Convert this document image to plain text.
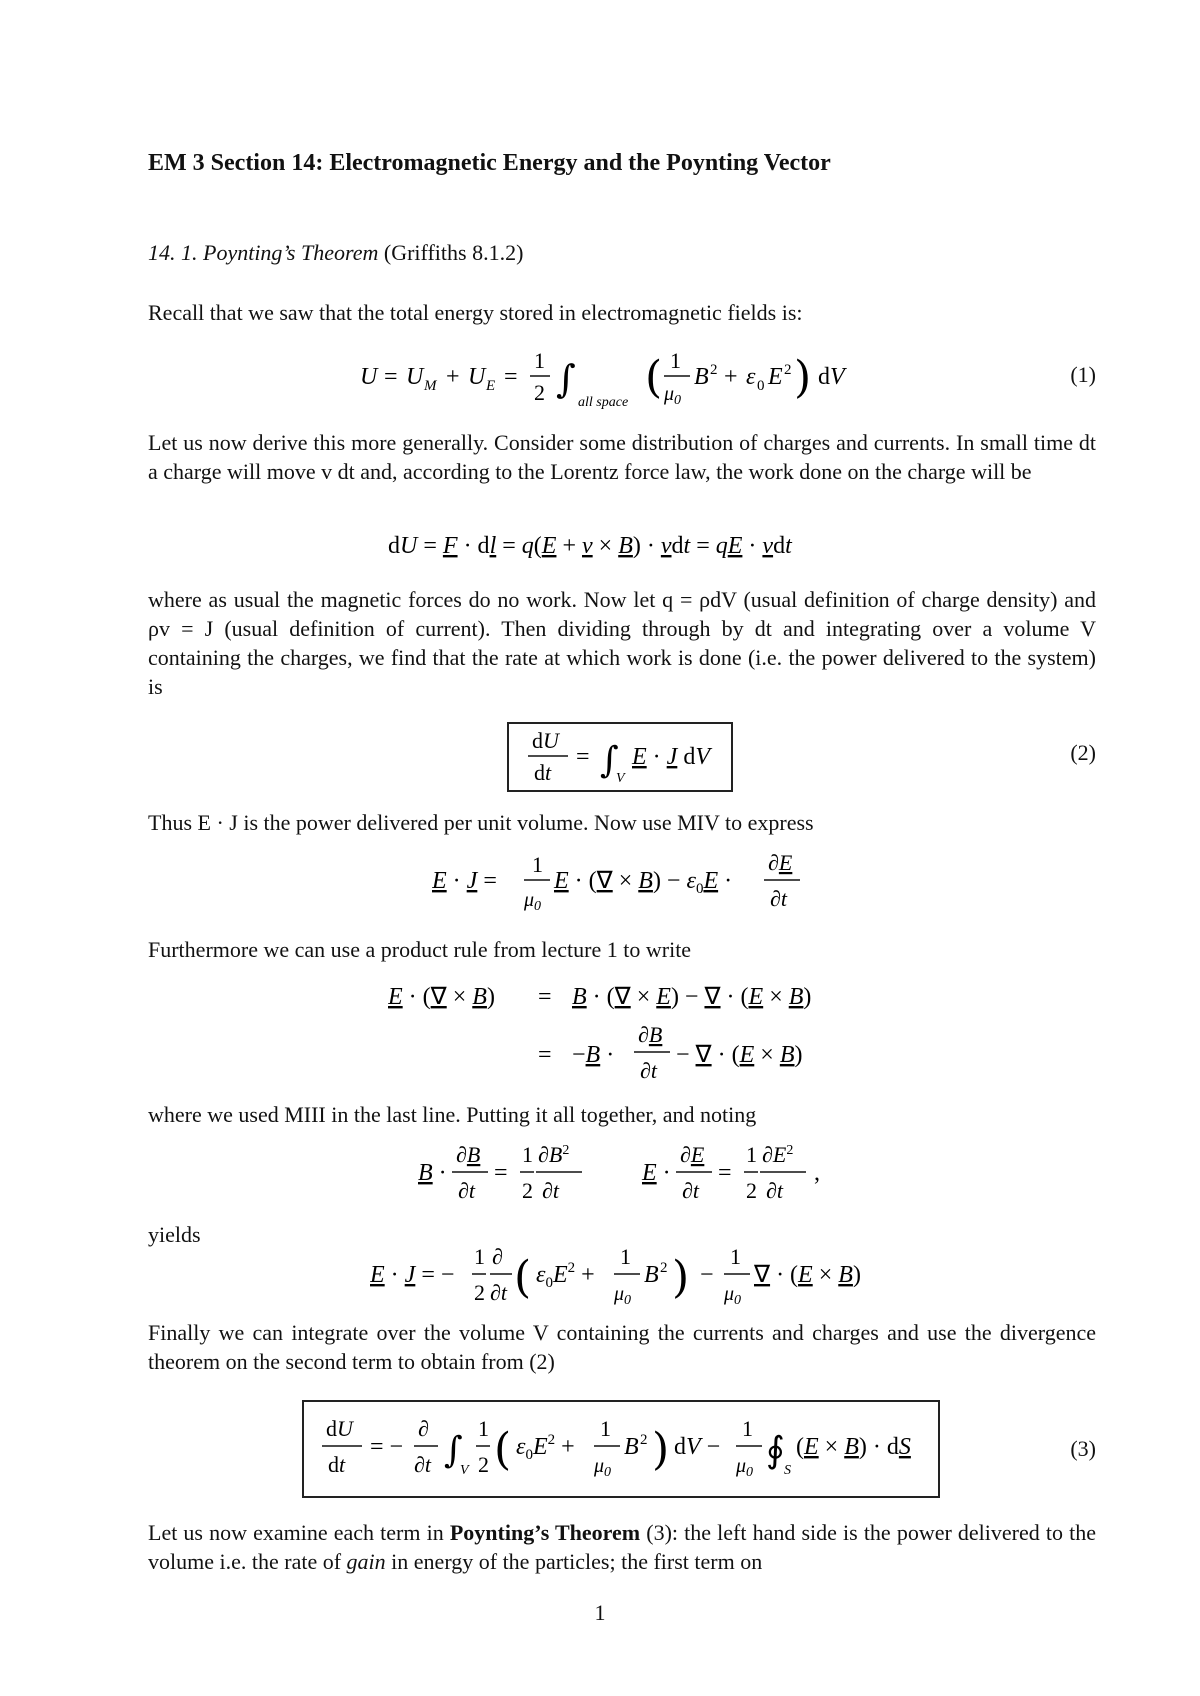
EM 3 Section 14: Electromagnetic Energy and the Poynting Vector
14. 1. Poynting’s Theorem (Griffiths 8.1.2)
Recall that we saw that the total energy stored in electromagnetic fields is:
U = U M + U E =
1
2 ∫
all space ( 1
$\mu_0$
B 2 + ε 0 E 2 ) dV	(1)
Let us now derive this more generally. Consider some distribution of charges and currents. In small time dt a charge will move v dt and, according to the Lorentz force law, the work done on the charge will be
dU = F · dl = q(E + v × B) · vdt = qE · vdt
where as usual the magnetic forces do no work. Now let q = ρdV (usual definition of charge density) and ρv = J (usual definition of current). Then dividing through by dt and integrating over a volume V containing the charges, we find that the rate at which work is done (i.e. the power delivered to the system) is
dU
dt
= ∫
V
E · J dV	(2)
Thus E · J is the power delivered per unit volume. Now use MIV to express
E · J =
1
$\mu_0$
E · (∇ × $B) - \varepsilon_0E$ ·
∂E
∂t
Furthermore we can use a product rule from lecture 1 to write
E · (∇ × B) = B · (∇ × E) − ∇ · (E × B)
= −B ·
∂B
∂t
− ∇ · (E × B)
where we used MIII in the last line. Putting it all together, and noting
B ·
∂B
∂t
=
1
2
$\partial B^2$
∂t
E ·
∂E
∂t
=
1
2
$\partial E^2$
∂t
,
yields
E · J = −
1
2
∂
∂t ( $\varepsilon_0E^2$ +
1
$\mu_0$
B 2 ) −
1
$\mu_0$
∇ · (E × B)
Finally we can integrate over the volume V containing the currents and charges and use the divergence theorem on the second term to obtain from (2)
dU
dt
= −
∂
∂t ∫
V
1
2 ( $\varepsilon_0E^2$ +
1
$\mu_0$
B 2 ) dV −
1
$\mu_0$
∮ S
(E × B) · dS	(3)
Let us now examine each term in Poynting’s Theorem (3): the left hand side is the power delivered to the volume i.e. the rate of gain in energy of the particles; the first term on
1
